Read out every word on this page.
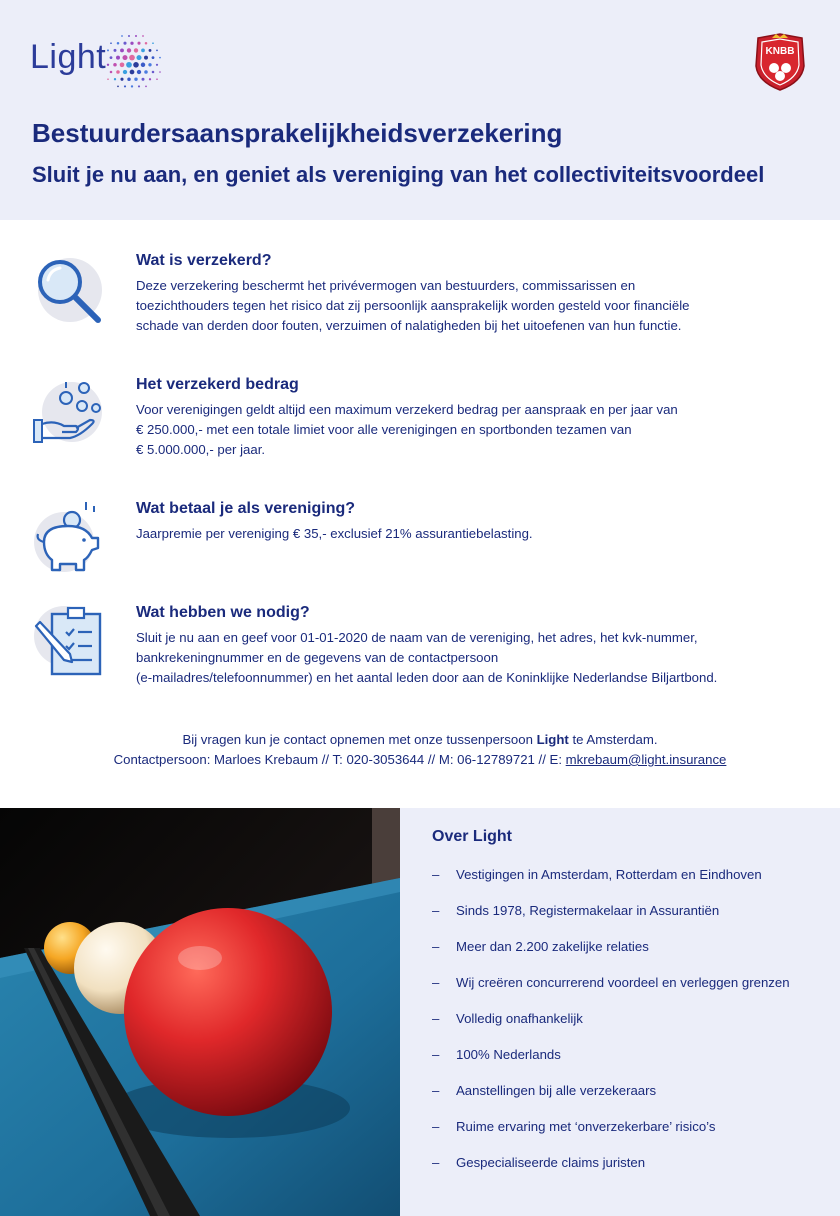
Light	KNBB
Bestuurdersaansprakelijkheidsverzekering
Sluit je nu aan, en geniet als vereniging van het collectiviteitsvoordeel
Wat is verzekerd?
Deze verzekering beschermt het privévermogen van bestuurders, commissarissen en
toezichthouders tegen het risico dat zij persoonlijk aansprakelijk worden gesteld voor financiële
schade van derden door fouten, verzuimen of nalatigheden bij het uitoefenen van hun functie.
Het verzekerd bedrag
Voor verenigingen geldt altijd een maximum verzekerd bedrag per aanspraak en per jaar van
€ 250.000,- met een totale limiet voor alle verenigingen en sportbonden tezamen van
€ 5.000.000,- per jaar.
Wat betaal je als vereniging?
Jaarpremie per vereniging € 35,- exclusief 21% assurantiebelasting.
Wat hebben we nodig?
Sluit je nu aan en geef voor 01-01-2020 de naam van de vereniging, het adres, het kvk-nummer,
bankrekeningnummer en de gegevens van de contactpersoon
(e-mailadres/telefoonnummer) en het aantal leden door aan de Koninklijke Nederlandse Biljartbond.
Bij vragen kun je contact opnemen met onze tussenpersoon Light te Amsterdam.
Contactpersoon: Marloes Krebaum // T: 020-3053644 // M: 06-12789721 // E: mkrebaum@light.insurance
Over Light
– Vestigingen in Amsterdam, Rotterdam en Eindhoven
– Sinds 1978, Registermakelaar in Assurantiën
– Meer dan 2.200 zakelijke relaties
– Wij creëren concurrerend voordeel en verleggen grenzen
– Volledig onafhankelijk
– 100% Nederlands
– Aanstellingen bij alle verzekeraars
– Ruime ervaring met ‘onverzekerbare’ risico’s
– Gespecialiseerde claims juristen
